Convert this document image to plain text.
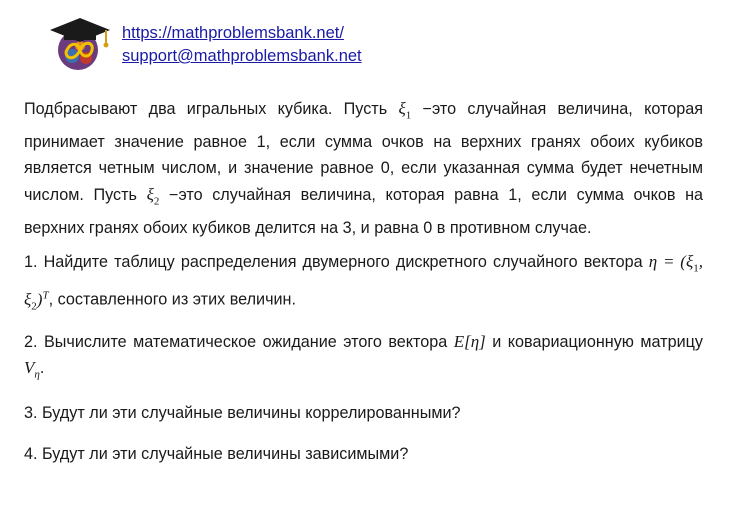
https://mathproblemsbank.net/
support@mathproblemsbank.net

Подбрасывают два игральных кубика. Пусть $\xi_1 -это$ случайная величина, которая принимает значение равное 1, если сумма очков на верхних гранях обоих кубиков является четным числом, и значение равное 0, если указанная сумма будет нечетным числом. Пусть $\xi_2 -это$ случайная величина, которая равна 1, если сумма очков на верхних гранях обоих кубиков делится на 3, и равна 0 в противном случае.

1. Найдите таблицу распределения двумерного дискретного случайного вектора $\eta = (\xi_1$, $\xi_2)^T$, составленного из этих величин.

2. Вычислите математическое ожидание этого вектора E[η] и ковариационную матрицу $V_\eta$.

3. Будут ли эти случайные величины коррелированными?

4. Будут ли эти случайные величины зависимыми?
